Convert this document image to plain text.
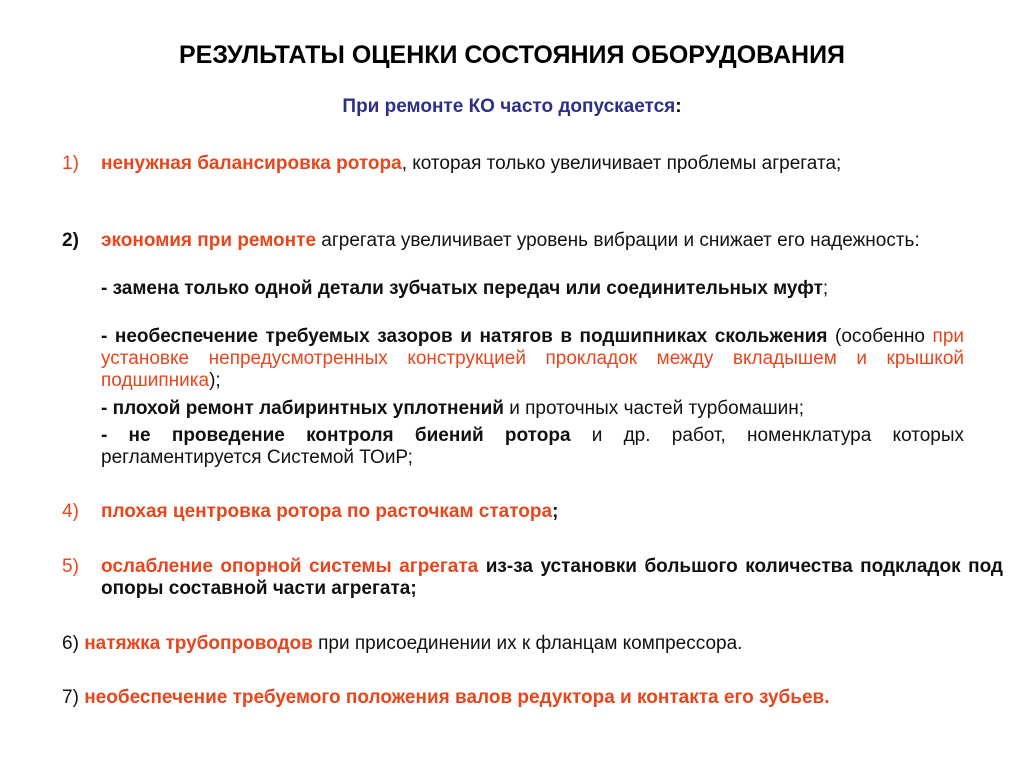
РЕЗУЛЬТАТЫ ОЦЕНКИ СОСТОЯНИЯ ОБОРУДОВАНИЯ
При ремонте КО часто допускается:
1) ненужная балансировка ротора, которая только увеличивает проблемы агрегата;
2) экономия при ремонте агрегата увеличивает уровень вибрации и снижает его надежность:
- замена только одной детали зубчатых передач или соединительных муфт;
- необеспечение требуемых зазоров и натягов в подшипниках скольжения (особенно при установке непредусмотренных конструкцией прокладок между вкладышем и крышкой подшипника);
- плохой ремонт лабиринтных уплотнений и проточных частей турбомашин;
- не проведение контроля биений ротора и др. работ, номенклатура которых регламентируется Системой ТОиР;
4) плохая центровка ротора по расточкам статора;
5) ослабление опорной системы агрегата из-за установки большого количества подкладок под опоры составной части агрегата;
6) натяжка трубопроводов при присоединении их к фланцам компрессора.
7) необеспечение требуемого положения валов редуктора и контакта его зубьев.
